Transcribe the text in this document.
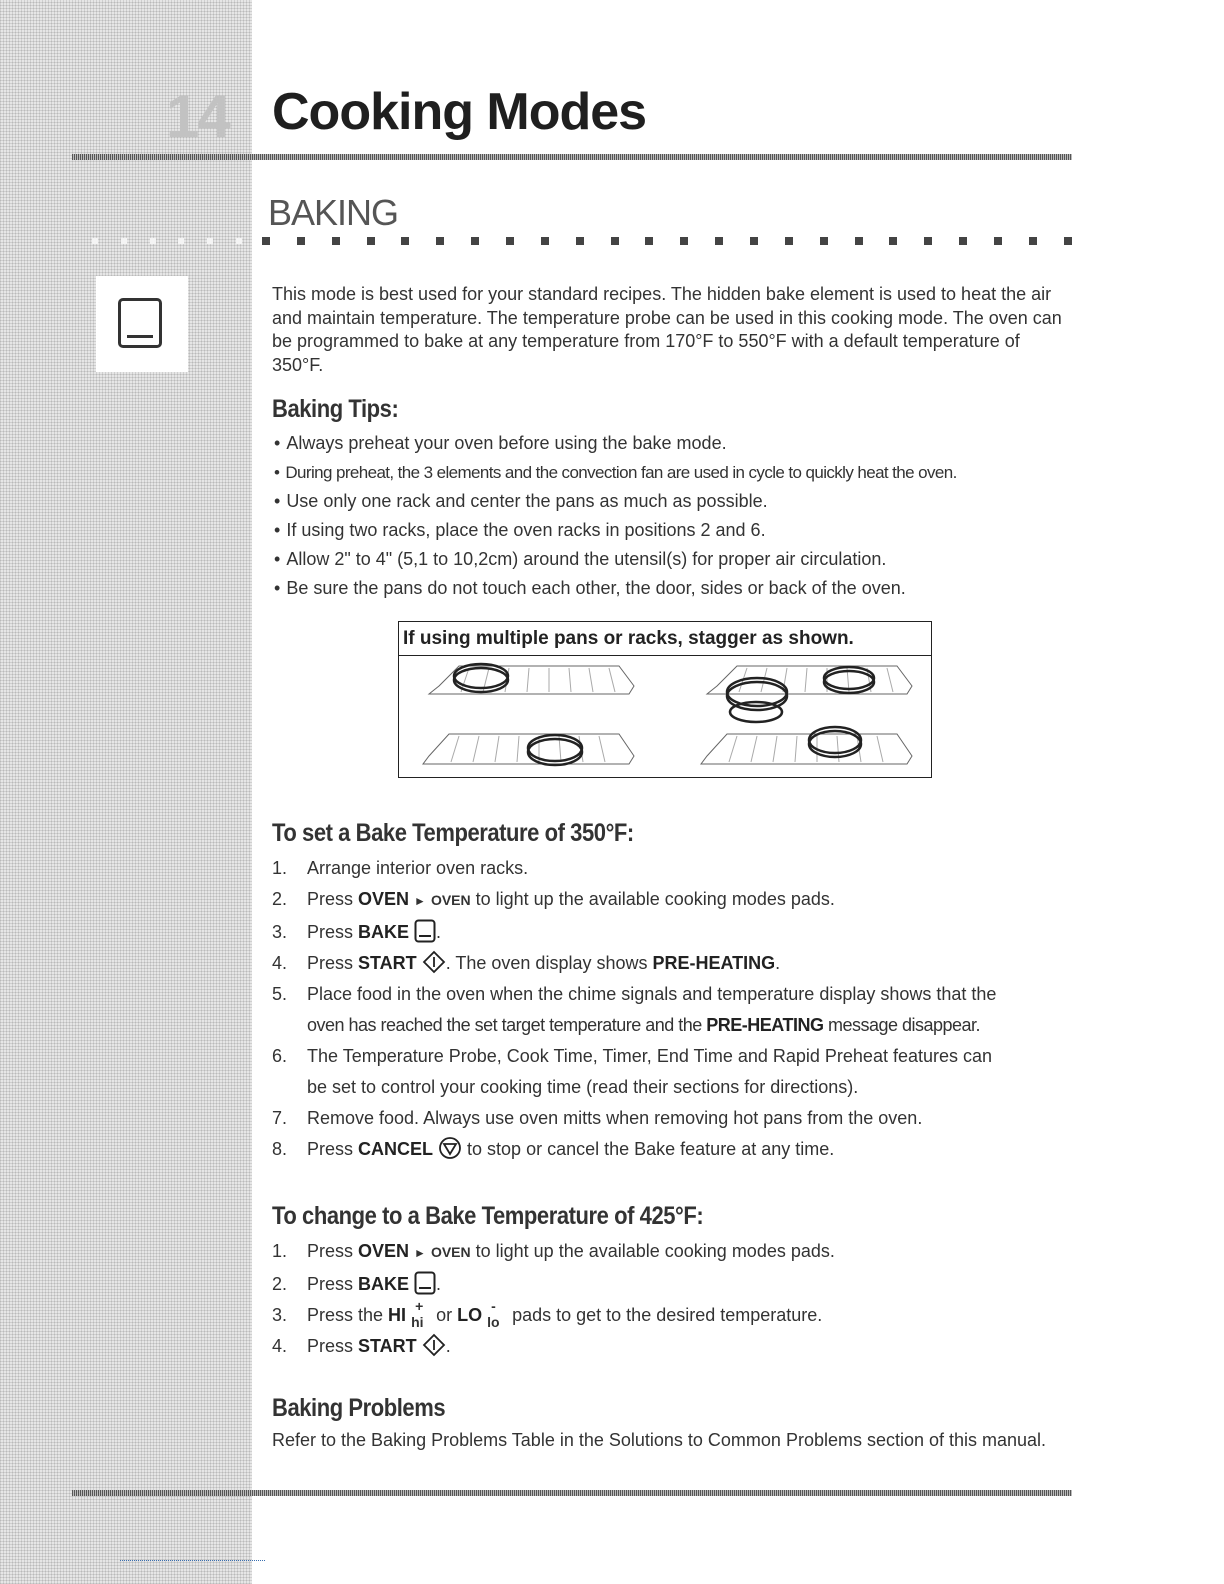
14 Cooking Modes
BAKING

This mode is best used for your standard recipes. The hidden bake element is used to heat the air and maintain temperature. The temperature probe can be used in this cooking mode. The oven can be programmed to bake at any temperature from 170°F to 550°F with a default temperature of 350°F.

Baking Tips:
• Always preheat your oven before using the bake mode.
• During preheat, the 3 elements and the convection fan are used in cycle to quickly heat the oven.
• Use only one rack and center the pans as much as possible.
• If using two racks, place the oven racks in positions 2 and 6.
• Allow 2" to 4" (5,1 to 10,2cm) around the utensil(s) for proper air circulation.
• Be sure the pans do not touch each other, the door, sides or back of the oven.
If using multiple pans or racks, stagger as shown.
To set a Bake Temperature of 350°F:
1. Arrange interior oven racks.
2. Press OVEN ► OVEN to light up the available cooking modes pads.
3. Press BAKE .
4. Press START . The oven display shows PRE-HEATING.
5. Place food in the oven when the chime signals and temperature display shows that the
oven has reached the set target temperature and the PRE-HEATING message disappear.
6. The Temperature Probe, Cook Time, Timer, End Time and Rapid Preheat features can
be set to control your cooking time (read their sections for directions).
7. Remove food. Always use oven mitts when removing hot pans from the oven.
8. Press CANCEL  to stop or cancel the Bake feature at any time.
To change to a Bake Temperature of 425°F:
1. Press OVEN ► OVEN to light up the available cooking modes pads.
2. Press BAKE .
3. Press the HI +
hi or LO -
lo pads to get to the desired temperature.
4. Press START .
Baking Problems

Refer to the Baking Problems Table in the Solutions to Common Problems section of this manual.
